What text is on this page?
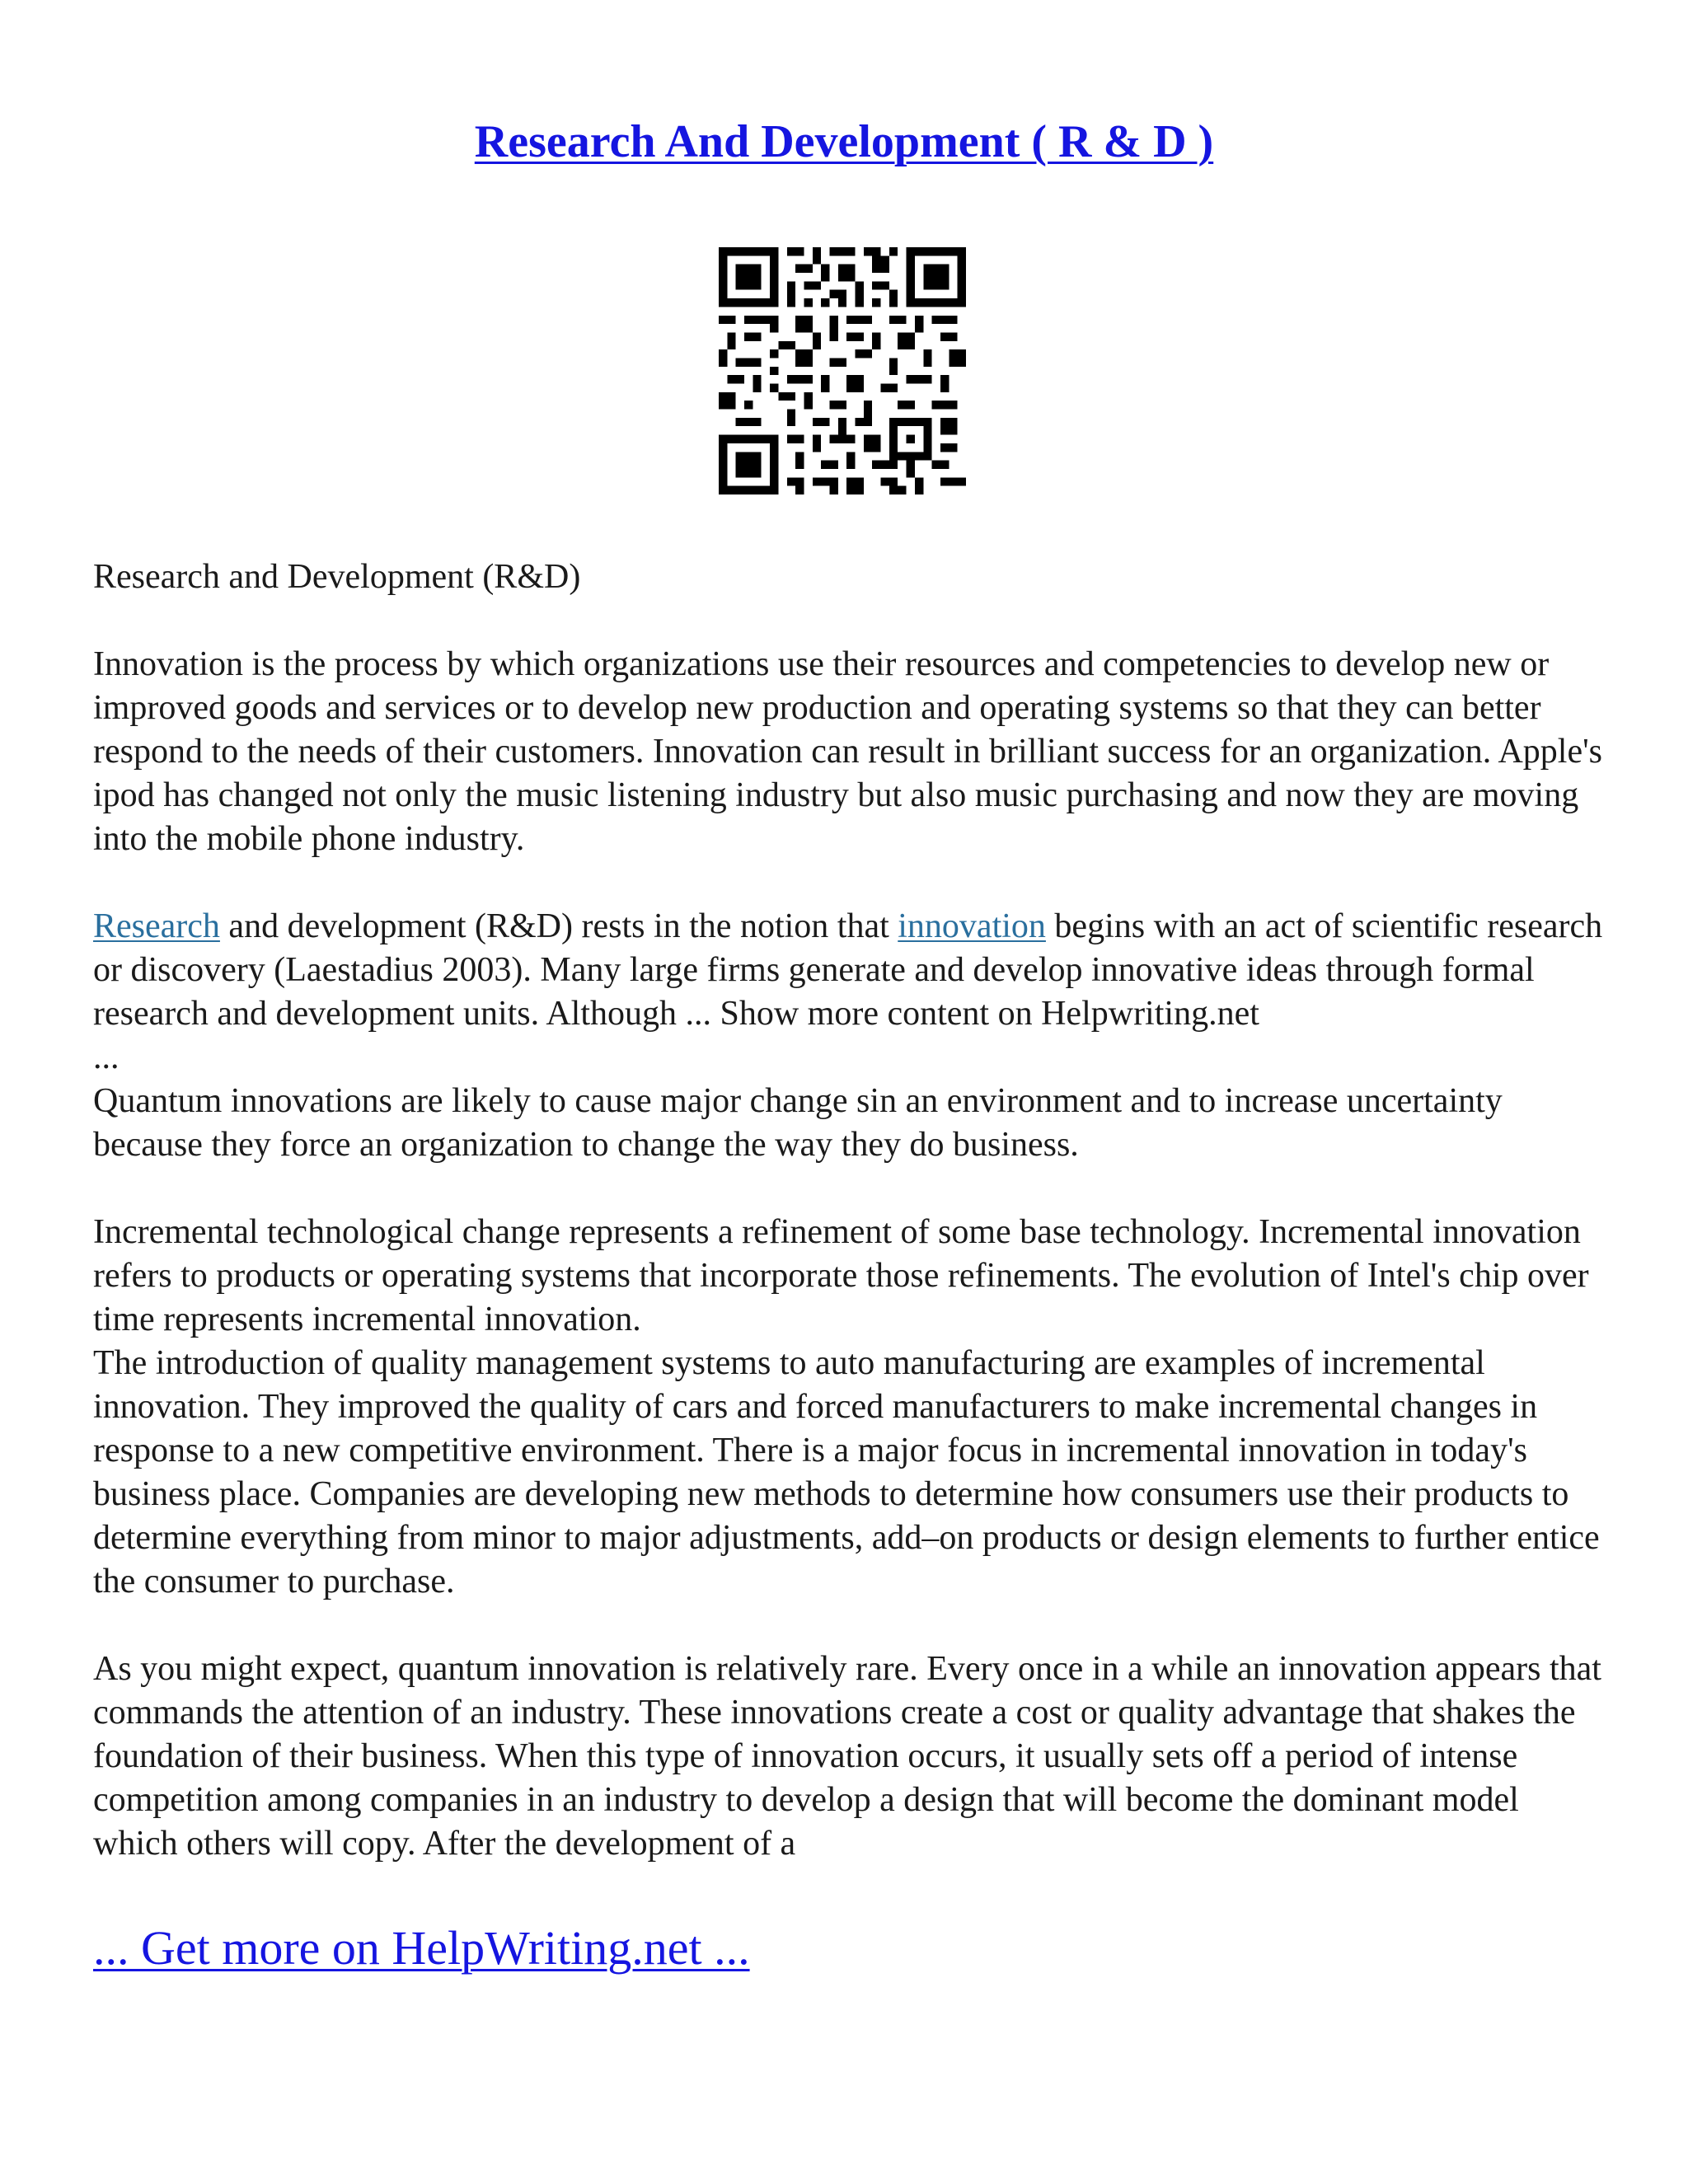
Research And Development ( R & D )

Research and Development (R&D)

Innovation is the process by which organizations use their resources and competencies to develop new or improved goods and services or to develop new production and operating systems so that they can better respond to the needs of their customers. Innovation can result in brilliant success for an organization. Apple's ipod has changed not only the music listening industry but also music purchasing and now they are moving into the mobile phone industry.

Research and development (R&D) rests in the notion that innovation begins with an act of scientific research or discovery (Laestadius 2003). Many large firms generate and develop innovative ideas through formal research and development units. Although ... Show more content on Helpwriting.net

...

Quantum innovations are likely to cause major change sin an environment and to increase uncertainty because they force an organization to change the way they do business.

Incremental technological change represents a refinement of some base technology. Incremental innovation refers to products or operating systems that incorporate those refinements. The evolution of Intel's chip over time represents incremental innovation.

The introduction of quality management systems to auto manufacturing are examples of incremental innovation. They improved the quality of cars and forced manufacturers to make incremental changes in response to a new competitive environment. There is a major focus in incremental innovation in today's business place. Companies are developing new methods to determine how consumers use their products to determine everything from minor to major adjustments, add–on products or design elements to further entice the consumer to purchase.

As you might expect, quantum innovation is relatively rare. Every once in a while an innovation appears that commands the attention of an industry. These innovations create a cost or quality advantage that shakes the foundation of their business. When this type of innovation occurs, it usually sets off a period of intense competition among companies in an industry to develop a design that will become the dominant model which others will copy. After the development of a

... Get more on HelpWriting.net ...
